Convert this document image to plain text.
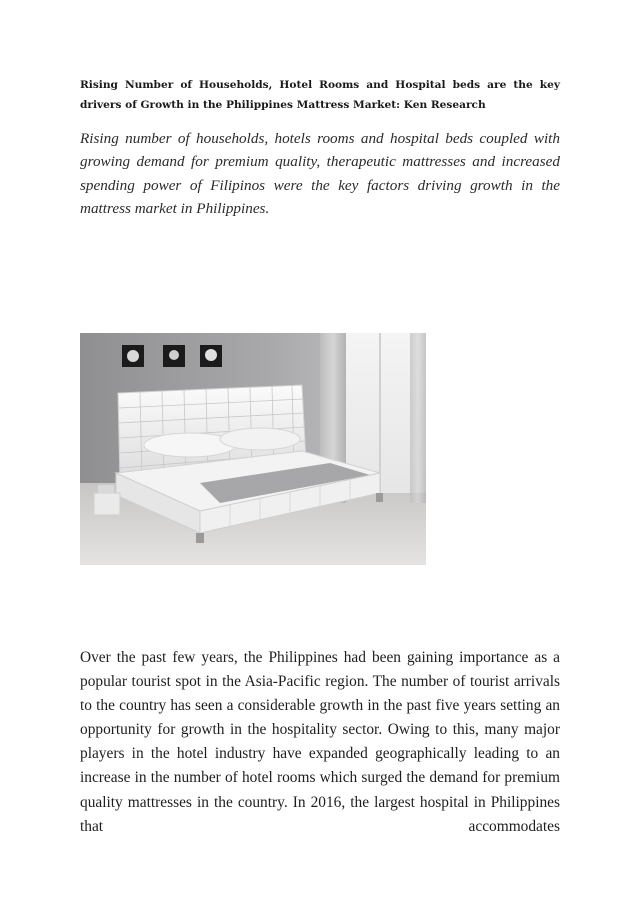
Rising Number of Households, Hotel Rooms and Hospital beds are the key drivers of Growth in the Philippines Mattress Market: Ken Research

Rising number of households, hotels rooms and hospital beds coupled with growing demand for premium quality, therapeutic mattresses and increased spending power of Filipinos were the key factors driving growth in the mattress market in Philippines.

Over the past few years, the Philippines had been gaining importance as a popular tourist spot in the Asia-Pacific region. The number of tourist arrivals to the country has seen a considerable growth in the past five years setting an opportunity for growth in the hospitality sector. Owing to this, many major players in the hotel industry have expanded geographically leading to an increase in the number of hotel rooms which surged the demand for premium quality mattresses in the country. In 2016, the largest hospital in Philippines that accommodates
